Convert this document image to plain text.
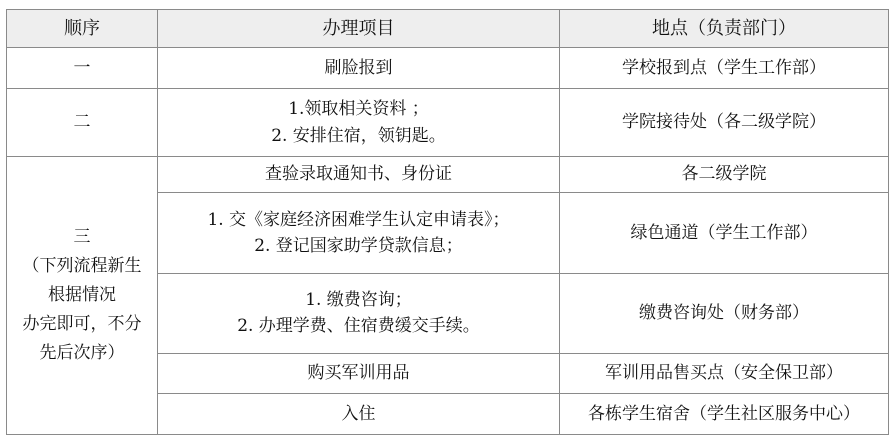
顺序	办理项目	地点（负责部门）
一	刷脸报到	学校报到点（学生工作部）
二	1.领取相关资料 ；
2. 安排住宿，领钥匙。	学院接待处（各二级学院）

三
（下列流程新生
根据情况
办完即可，不分
先后次序）	查验录取通知书、身份证	各二级学院

	1. 交《家庭经济困难学生认定申请表》；
2. 登记国家助学贷款信息；	绿色通道（学生工作部）

	1. 缴费咨询；
2. 办理学费、住宿费缓交手续。	缴费咨询处（财务部）
	购买军训用品	军训用品售买点（安全保卫部）
	入住	各栋学生宿舍（学生社区服务中心）
